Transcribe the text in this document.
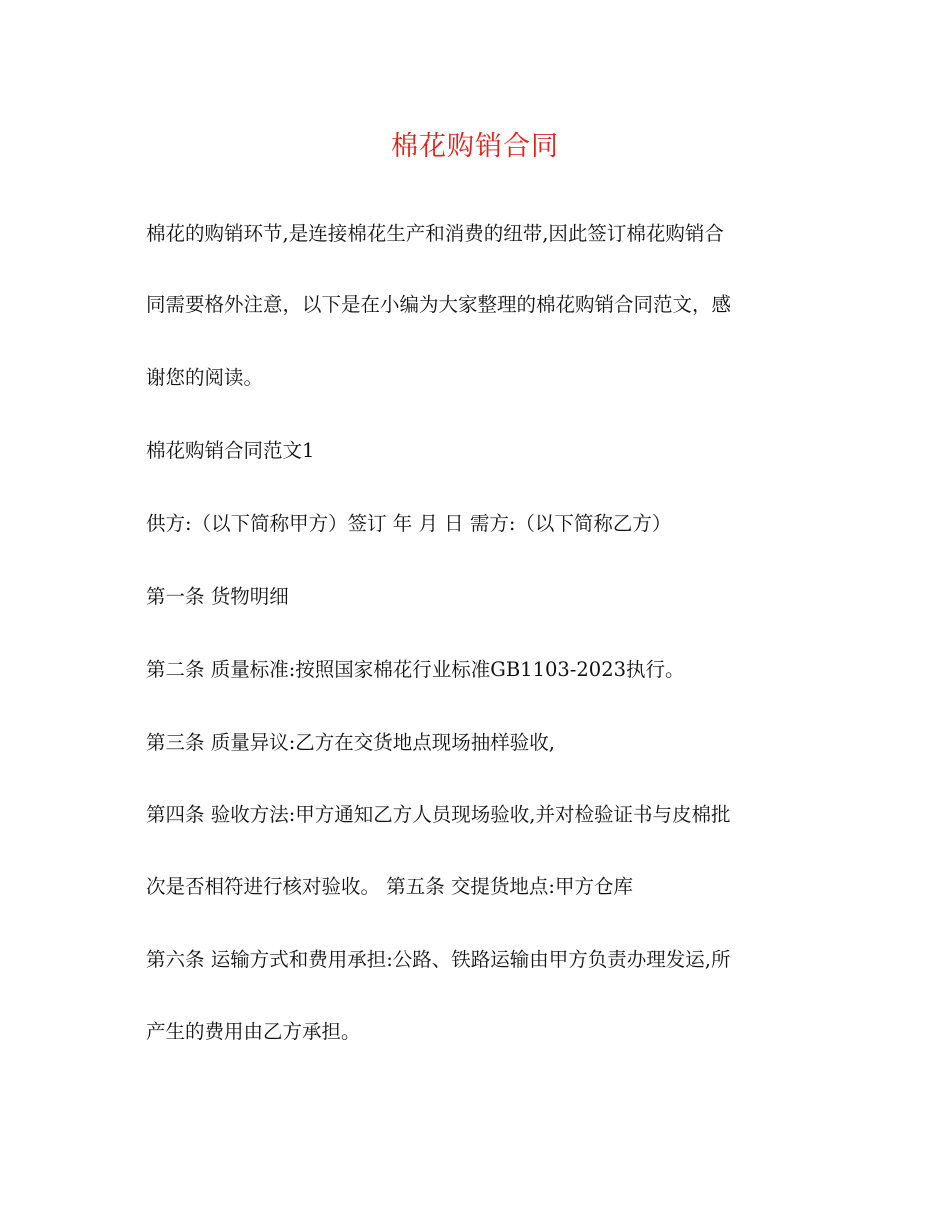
棉花购销合同
棉花的购销环节,是连接棉花生产和消费的纽带,因此签订棉花购销合
同需要格外注意，以下是在小编为大家整理的棉花购销合同范文，感
谢您的阅读。
棉花购销合同范文1
供方:（以下简称甲方）签订 年 月 日 需方:（以下简称乙方）
第一条 货物明细
第二条 质量标准:按照国家棉花行业标准GB1103-2023执行。
第三条 质量异议:乙方在交货地点现场抽样验收,
第四条 验收方法:甲方通知乙方人员现场验收,并对检验证书与皮棉批
次是否相符进行核对验收。 第五条 交提货地点:甲方仓库
第六条 运输方式和费用承担:公路、铁路运输由甲方负责办理发运,所
产生的费用由乙方承担。
